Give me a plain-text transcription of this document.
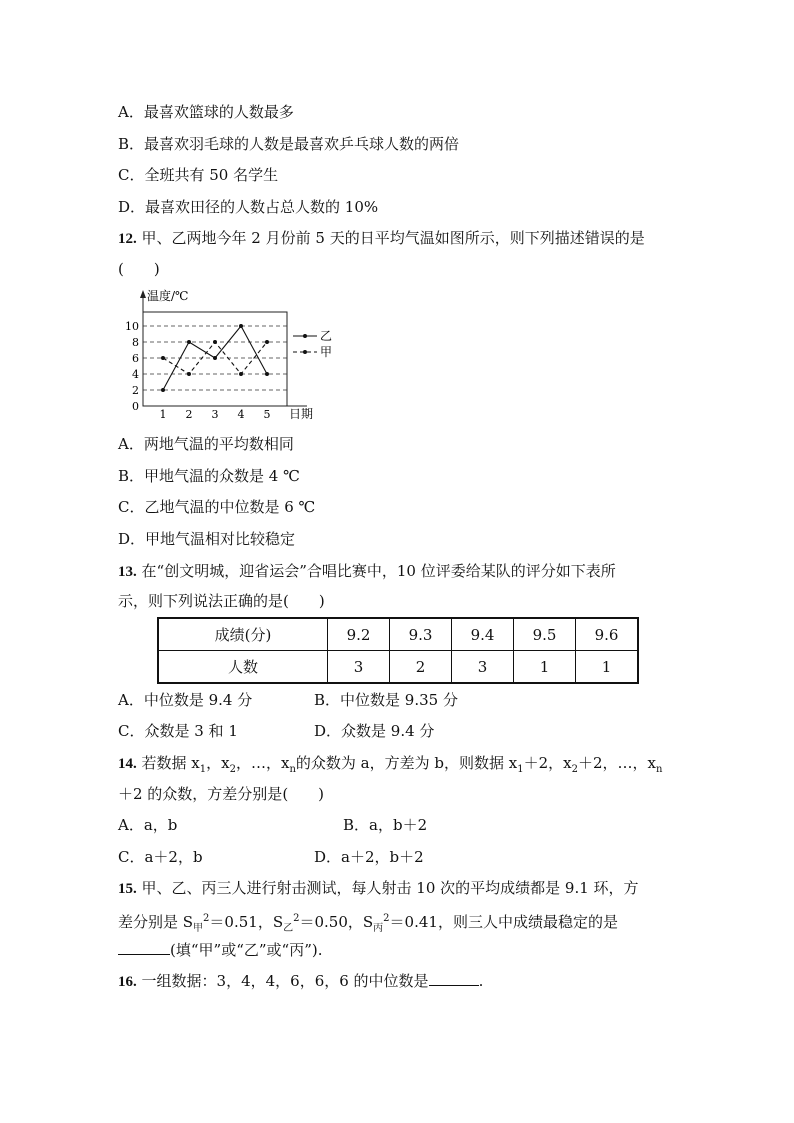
A．最喜欢篮球的人数最多
B．最喜欢羽毛球的人数是最喜欢乒乓球人数的两倍
C．全班共有 50 名学生
D．最喜欢田径的人数占总人数的 10%
12. 甲、乙两地今年 2 月份前 5 天的日平均气温如图所示，则下列描述错误的是
(　　)
温度/℃
日期
0
2
4
6
8
10
1 2 3 4 5
乙
甲
A．两地气温的平均数相同
B．甲地气温的众数是 4 ℃
C．乙地气温的中位数是 6 ℃
D．甲地气温相对比较稳定
13. 在“创文明城，迎省运会”合唱比赛中，10 位评委给某队的评分如下表所
示，则下列说法正确的是(　　)
成绩(分)	9.2	9.3	9.4	9.5	9.6
人数	3	2	3	1	1
A．中位数是 9.4 分	B．中位数是 9.35 分
C．众数是 3 和 1	D．众数是 9.4 分
14. 若数据 $x_1$，$x_2$，…，$x_n$的众数为 a，方差为 b，则数据 $x_1+2$，$x_2+2$，…，$x_n$
＋2 的众数，方差分别是(　　)
A．a，b	B．a，b＋2
C．a＋2，b	D．a＋2，b＋2
15. 甲、乙、丙三人进行射击测试，每人射击 10 次的平均成绩都是 9.1 环，方
差分别是 $S_甲^2=0.51$，$S_乙^2=0.50$，$S_丙^2=0.41$，则三人中成绩最稳定的是
(填“甲”或“乙”或“丙”).
16. 一组数据：3，4，4，6，6，6 的中位数是	.
